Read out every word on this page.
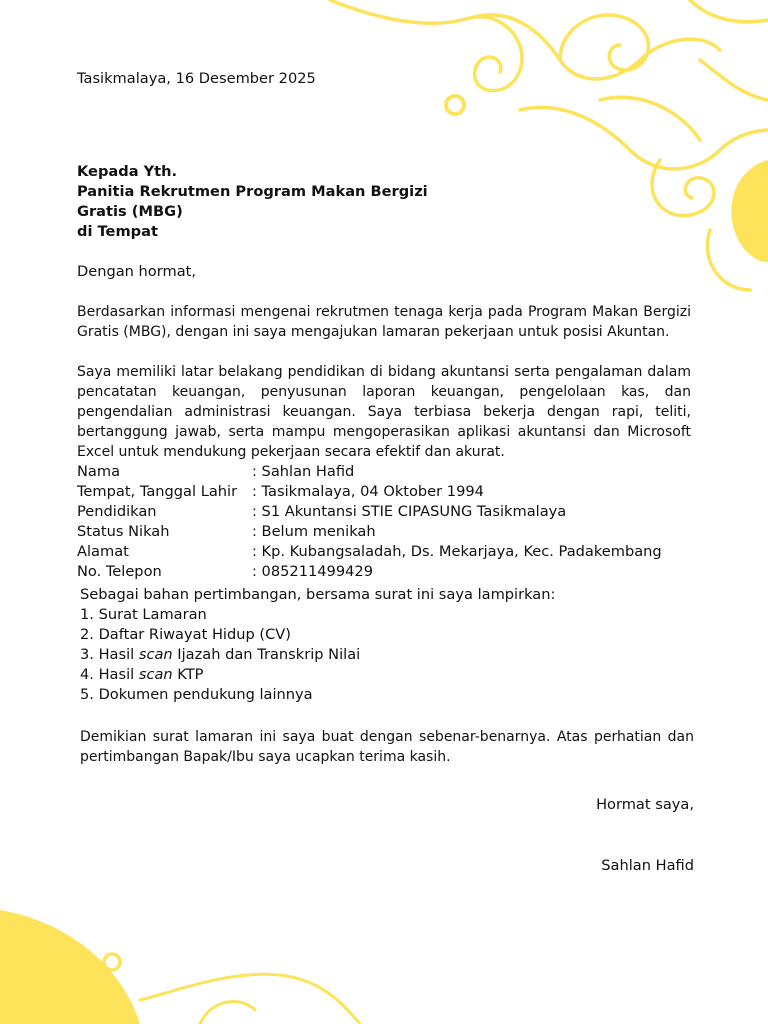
Tasikmalaya, 16 Desember 2025

Kepada Yth.

Panitia Rekrutmen Program Makan Bergizi

Gratis (MBG)

di Tempat

Dengan hormat,

Berdasarkan informasi mengenai rekrutmen tenaga kerja pada Program Makan Bergizi Gratis (MBG), dengan ini saya mengajukan lamaran pekerjaan untuk posisi Akuntan.

Saya memiliki latar belakang pendidikan di bidang akuntansi serta pengalaman dalam pencatatan keuangan, penyusunan laporan keuangan, pengelolaan kas, dan pengendalian administrasi keuangan. Saya terbiasa bekerja dengan rapi, teliti, bertanggung jawab, serta mampu mengoperasikan aplikasi akuntansi dan Microsoft Excel untuk mendukung pekerjaan secara efektif dan akurat.

Nama	: Sahlan Hafid
Tempat, Tanggal Lahir : Tasikmalaya, 04 Oktober 1994
Pendidikan	: S1 Akuntansi STIE CIPASUNG Tasikmalaya
Status Nikah	: Belum menikah
Alamat	: Kp. Kubangsaladah, Ds. Mekarjaya, Kec. Padakembang
No. Telepon	: 085211499429

Sebagai bahan pertimbangan, bersama surat ini saya lampirkan:

1. Surat Lamaran

2. Daftar Riwayat Hidup (CV)

3. Hasil scan Ijazah dan Transkrip Nilai

4. Hasil scan KTP

5. Dokumen pendukung lainnya

Demikian surat lamaran ini saya buat dengan sebenar-benarnya. Atas perhatian dan pertimbangan Bapak/Ibu saya ucapkan terima kasih.

Hormat saya,

Sahlan Hafid
